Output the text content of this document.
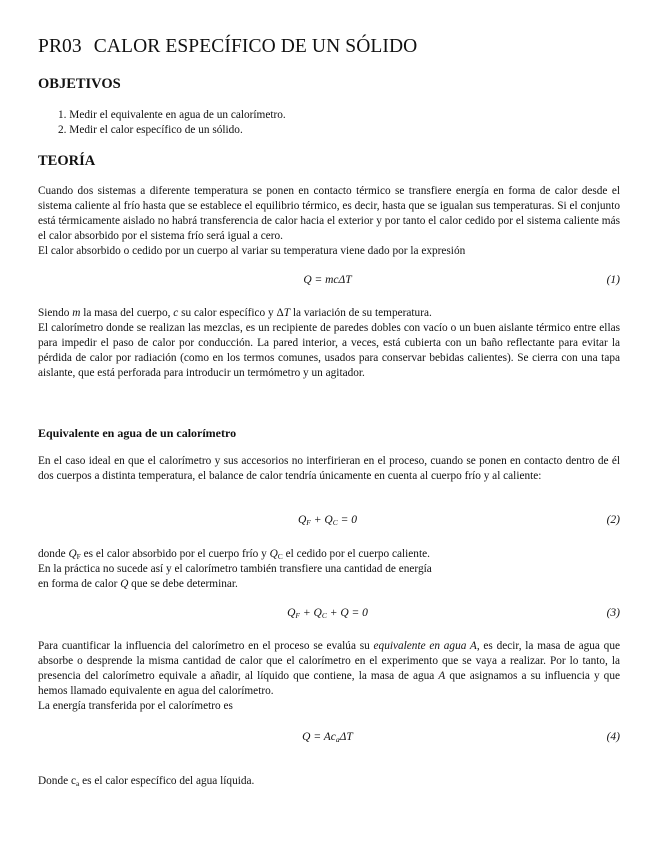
PR03 CALOR ESPECÍFICO DE UN SÓLIDO
OBJETIVOS
1. Medir el equivalente en agua de un calorímetro.
2. Medir el calor específico de un sólido.
TEORÍA
Cuando dos sistemas a diferente temperatura se ponen en contacto térmico se transfiere energía en forma de calor desde el sistema caliente al frío hasta que se establece el equilibrio térmico, es decir, hasta que se igualan sus temperaturas. Si el conjunto está térmicamente aislado no habrá transferencia de calor hacia el exterior y por tanto el calor cedido por el sistema caliente más el calor absorbido por el sistema frío será igual a cero.
El calor absorbido o cedido por un cuerpo al variar su temperatura viene dado por la expresión
Q = mcΔT	(1)
Siendo m la masa del cuerpo, c su calor específico y ΔT la variación de su temperatura.
El calorímetro donde se realizan las mezclas, es un recipiente de paredes dobles con vacío o un buen aislante térmico entre ellas para impedir el paso de calor por conducción. La pared interior, a veces, está cubierta con un baño reflectante para evitar la pérdida de calor por radiación (como en los termos comunes, usados para conservar bebidas calientes). Se cierra con una tapa aislante, que está perforada para introducir un termómetro y un agitador.
Equivalente en agua de un calorímetro
En el caso ideal en que el calorímetro y sus accesorios no interfirieran en el proceso, cuando se ponen en contacto dentro de él dos cuerpos a distinta temperatura, el balance de calor tendría únicamente en cuenta al cuerpo frío y al caliente:
$Q_F + Q_C = 0$	(2)
donde $Q_F$ es el calor absorbido por el cuerpo frío y $Q_C$ el cedido por el cuerpo caliente.
En la práctica no sucede así y el calorímetro también transfiere una cantidad de energía
en forma de calor Q que se debe determinar.
$Q_F + Q_C + Q = 0$	(3)
Para cuantificar la influencia del calorímetro en el proceso se evalúa su equivalente en agua A, es decir, la masa de agua que absorbe o desprende la misma cantidad de calor que el calorímetro en el experimento que se vaya a realizar. Por lo tanto, la presencia del calorímetro equivale a añadir, al líquido que contiene, la masa de agua A que asignamos a su influencia y que hemos llamado equivalente en agua del calorímetro.
La energía transferida por el calorímetro es
$Q = Ac_a\Delta T$	(4)
Donde $c_a$ es el calor específico del agua líquida.
